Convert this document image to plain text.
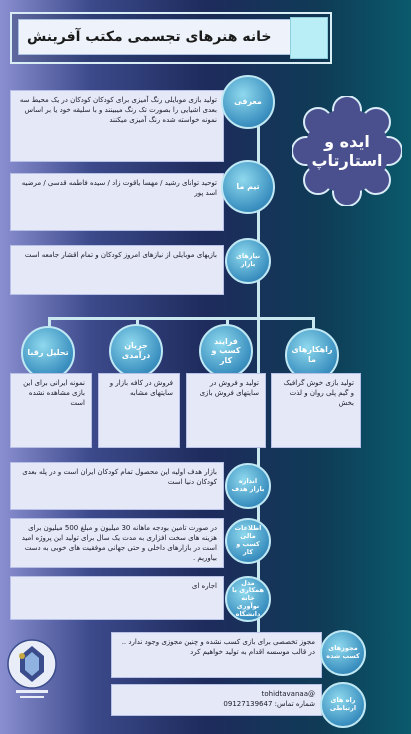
خانه هنرهای تجسمی مکتب آفرینش
ایده و
استارتاپ
تولید بازی موبایلی رنگ آمیزی برای کودکان کودکان در یک محیط سه بعدی اشیایی را بصورت تک رنگ میبینند و با سلیقه خود یا بر اساس نمونه خواسته شده رنگ آمیزی میکنند
معرفی
توحید توانای رشید / مهسا یاقوت زاد / سیده فاطمه قدسی / مرضیه اسد پور
تیم ما
بازیهای موبایلی از نیازهای امروز کودکان و تمام اقشار جامعه است	نیازهای بازار
راهکارهای ما
فرایند کسب و کار
جریان درآمدی
تحلیل رقبا
تولید بازی خوش گرافیک و گیم پلی روان و لذت بخش
تولید و فروش در سایتهای فروش بازی
فروش در کافه بازار و سایتهای مشابه
نمونه ایرانی برای این بازی مشاهده نشده است
بازار هدف اولیه این محصول تمام کودکان ایران است و در پله بعدی کودکان دنیا است	اندازه بازار هدف
در صورت تامین بودجه ماهانه 30 میلیون و مبلغ 500 میلیون برای هزینه های سخت افزاری به مدت یک سال برای تولید این پروژه امید است در بازارهای داخلی و حتی جهانی موفقیت های خوبی به دست بیاوریم .
اطلاعات مالی کسب و کار
اجاره ای	مدل همکاری با خانه نوآوری دانشگاه
مجوز تخصصی برای بازی کسب نشده و چنین مجوزی وجود ندارد .. در قالب موسسه اقدام به تولید خواهیم کرد	مجوزهای کسب شده
@tohidtavanaa
شماره تماس: 09127139647	راه های ارتباطی
